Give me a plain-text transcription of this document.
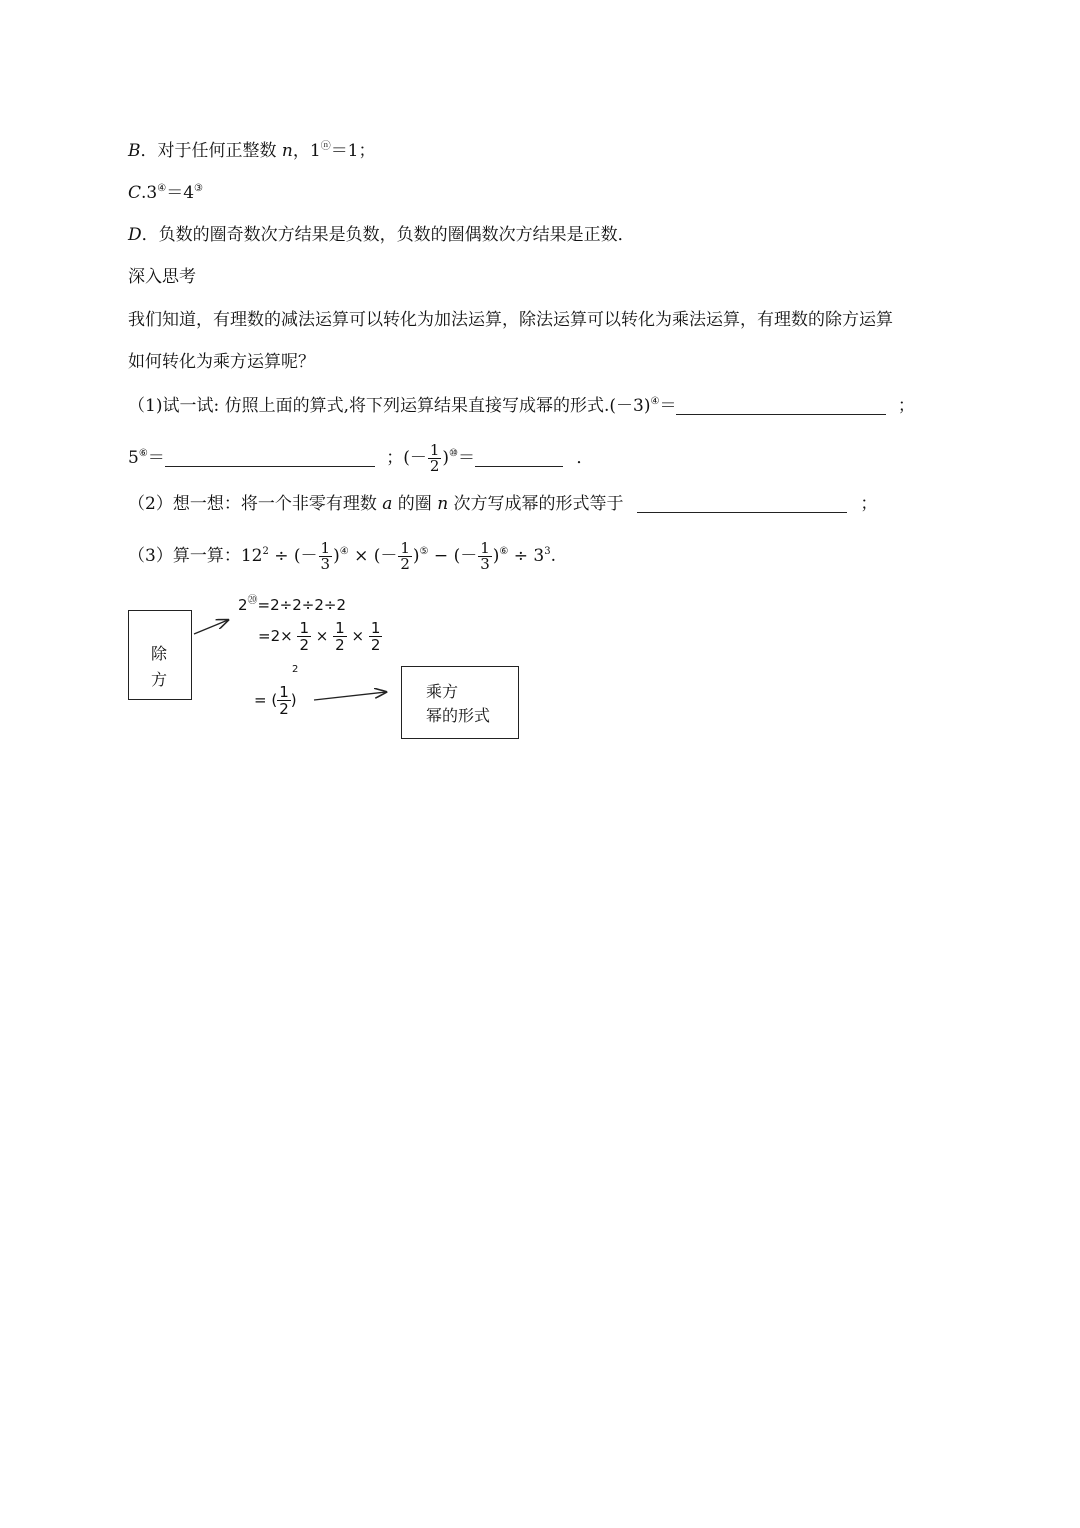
B．对于任何正整数 n，1ⓝ＝1；
C.3④＝4③
D．负数的圈奇数次方结果是负数，负数的圈偶数次方结果是正数．
深入思考
我们知道，有理数的减法运算可以转化为加法运算，除法运算可以转化为乘法运算，有理数的除方运算
如何转化为乘方运算呢？
（1)试一试: 仿照上面的算式,将下列运算结果直接写成幂的形式.(－3)④＝	；
5⑥＝	；(－ $\frac{1}{2} )^⑩=$	．
（2）想一想：将一个非零有理数 a 的圈 n 次方写成幂的形式等于	；
（3）算一算：$12^2$ ÷ (－ $\frac{1}{3} )^④$ × (－ $\frac{1}{2} )^⑤$ − (－ $\frac{1}{3} )^⑥ \div 3^3$.
除
方
2⑳=2÷2÷2÷2
$=2\times \frac{1}{2} \times \frac{1}{2} \times \frac{1}{2}$
2
= ( $\frac{1}{2}$ )	乘方
幂的形式
